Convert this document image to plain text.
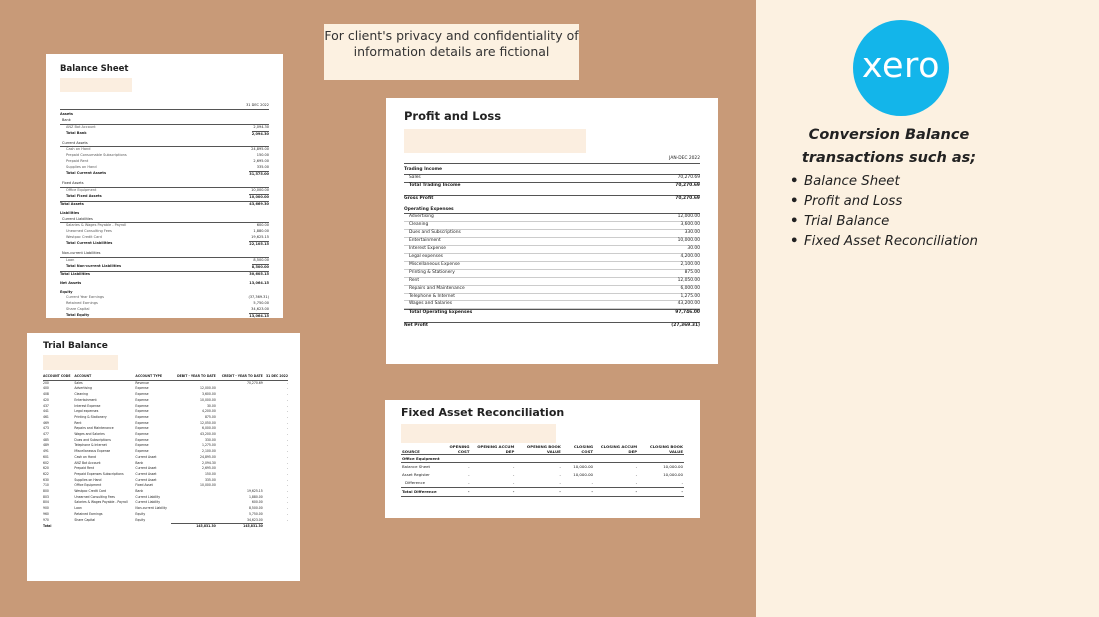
For client's privacy and confidentiality of information details are fictional
Balance Sheet
31 DEC 2022
Assets
Bank
ANZ Bot Account	2,094.30
Total Bank	2,094.30
Current Assets
Cash on Hand	24,895.00
Prepaid Consumable Subscriptions	150.00
Prepaid Rent	2,695.00
Supplies on Hand	335.00
Total Current Assets	31,575.00
Fixed Assets
Office Equipment	10,000.00
Total Fixed Assets	10,000.00
Total Assets	43,669.30
Liabilities
Current Liabilities
Salaries & Wages Payable - Payroll	600.00
Unearned Consulting Fees	1,880.00
Westpac Credit Card	19,625.15
Total Current Liabilities	22,105.15
Non-current Liabilities
Loan	8,500.00
Total Non-current Liabilities	8,500.00
Total Liabilities	30,605.15
Net Assets	13,064.15
Equity
Current Year Earnings	(37,369.31)
Retained Earnings	5,750.00
Share Capital	34,623.00
Total Equity	13,064.15
Trial Balance
ACCOUNT CODE	ACCOUNT	ACCOUNT TYPE	DEBIT - YEAR TO DATE	CREDIT - YEAR TO DATE	31 DEC 2022
200	Sales	Revenue		70,270.69	-
400	Advertising	Expense	12,000.00		-
408	Cleaning	Expense	3,600.00		-
420	Entertainment	Expense	10,000.00		-
437	Interest Expense	Expense	30.00		-
441	Legal expenses	Expense	4,200.00		-
461	Printing & Stationery	Expense	875.00		-
469	Rent	Expense	12,050.00		-
473	Repairs and Maintenance	Expense	6,000.00		-
477	Wages and Salaries	Expense	43,200.00		-
485	Dues and Subscriptions	Expense	330.00		-
489	Telephone & Internet	Expense	1,275.00		-
491	Miscellaneous Expense	Expense	2,100.00		-
601	Cash on Hand	Current Asset	24,895.00		-
602	ANZ Bot Account	Bank	2,094.30		-
620	Prepaid Rent	Current Asset	2,695.00		-
622	Prepaid Expenses Subscriptions	Current Asset	150.00		-
630	Supplies on Hand	Current Asset	335.00		-
710	Office Equipment	Fixed Asset	10,000.00		-
800	Westpac Credit Card	Bank		19,625.15	-
803	Unearned Consulting Fees	Current Liability		1,880.00	-
804	Salaries & Wages Payable - Payroll	Current Liability		600.00	-
900	Loan	Non-current Liability		8,500.00	-
960	Retained Earnings	Equity		5,750.00	-
970	Share Capital	Equity		34,623.00	-
Total			145,831.30	145,831.30	
Profit and Loss
JAN-DEC 2022
Trading Income
Sales	70,270.69
Total Trading Income	70,270.69
Gross Profit	70,270.69
Operating Expenses
Advertising	12,000.00
Cleaning	3,600.00
Dues and Subscriptions	330.00
Entertainment	10,000.00
Interest Expense	30.00
Legal expenses	4,200.00
Miscellaneous Expense	2,100.00
Printing & Stationery	875.00
Rent	12,050.00
Repairs and Maintenance	6,000.00
Telephone & Internet	1,275.00
Wages and Salaries	43,200.00
Total Operating Expenses	97,746.00
Net Profit	(27,369.31)
Fixed Asset Reconciliation
SOURCE	OPENING COST	OPENING ACCUM DEP	OPENING BOOK VALUE	CLOSING COST	CLOSING ACCUM DEP	CLOSING BOOK VALUE
Office Equipment						
Balance Sheet	-	-	-	10,000.00	-	10,000.00
Asset Register	-	-	-	10,000.00	-	10,000.00
Difference	-	-	-	-	-	-
Total Difference	-	-	-	-	-	-
xero
Conversion Balance transactions such as;
• Balance Sheet
• Profit and Loss
• Trial Balance
• Fixed Asset Reconciliation
